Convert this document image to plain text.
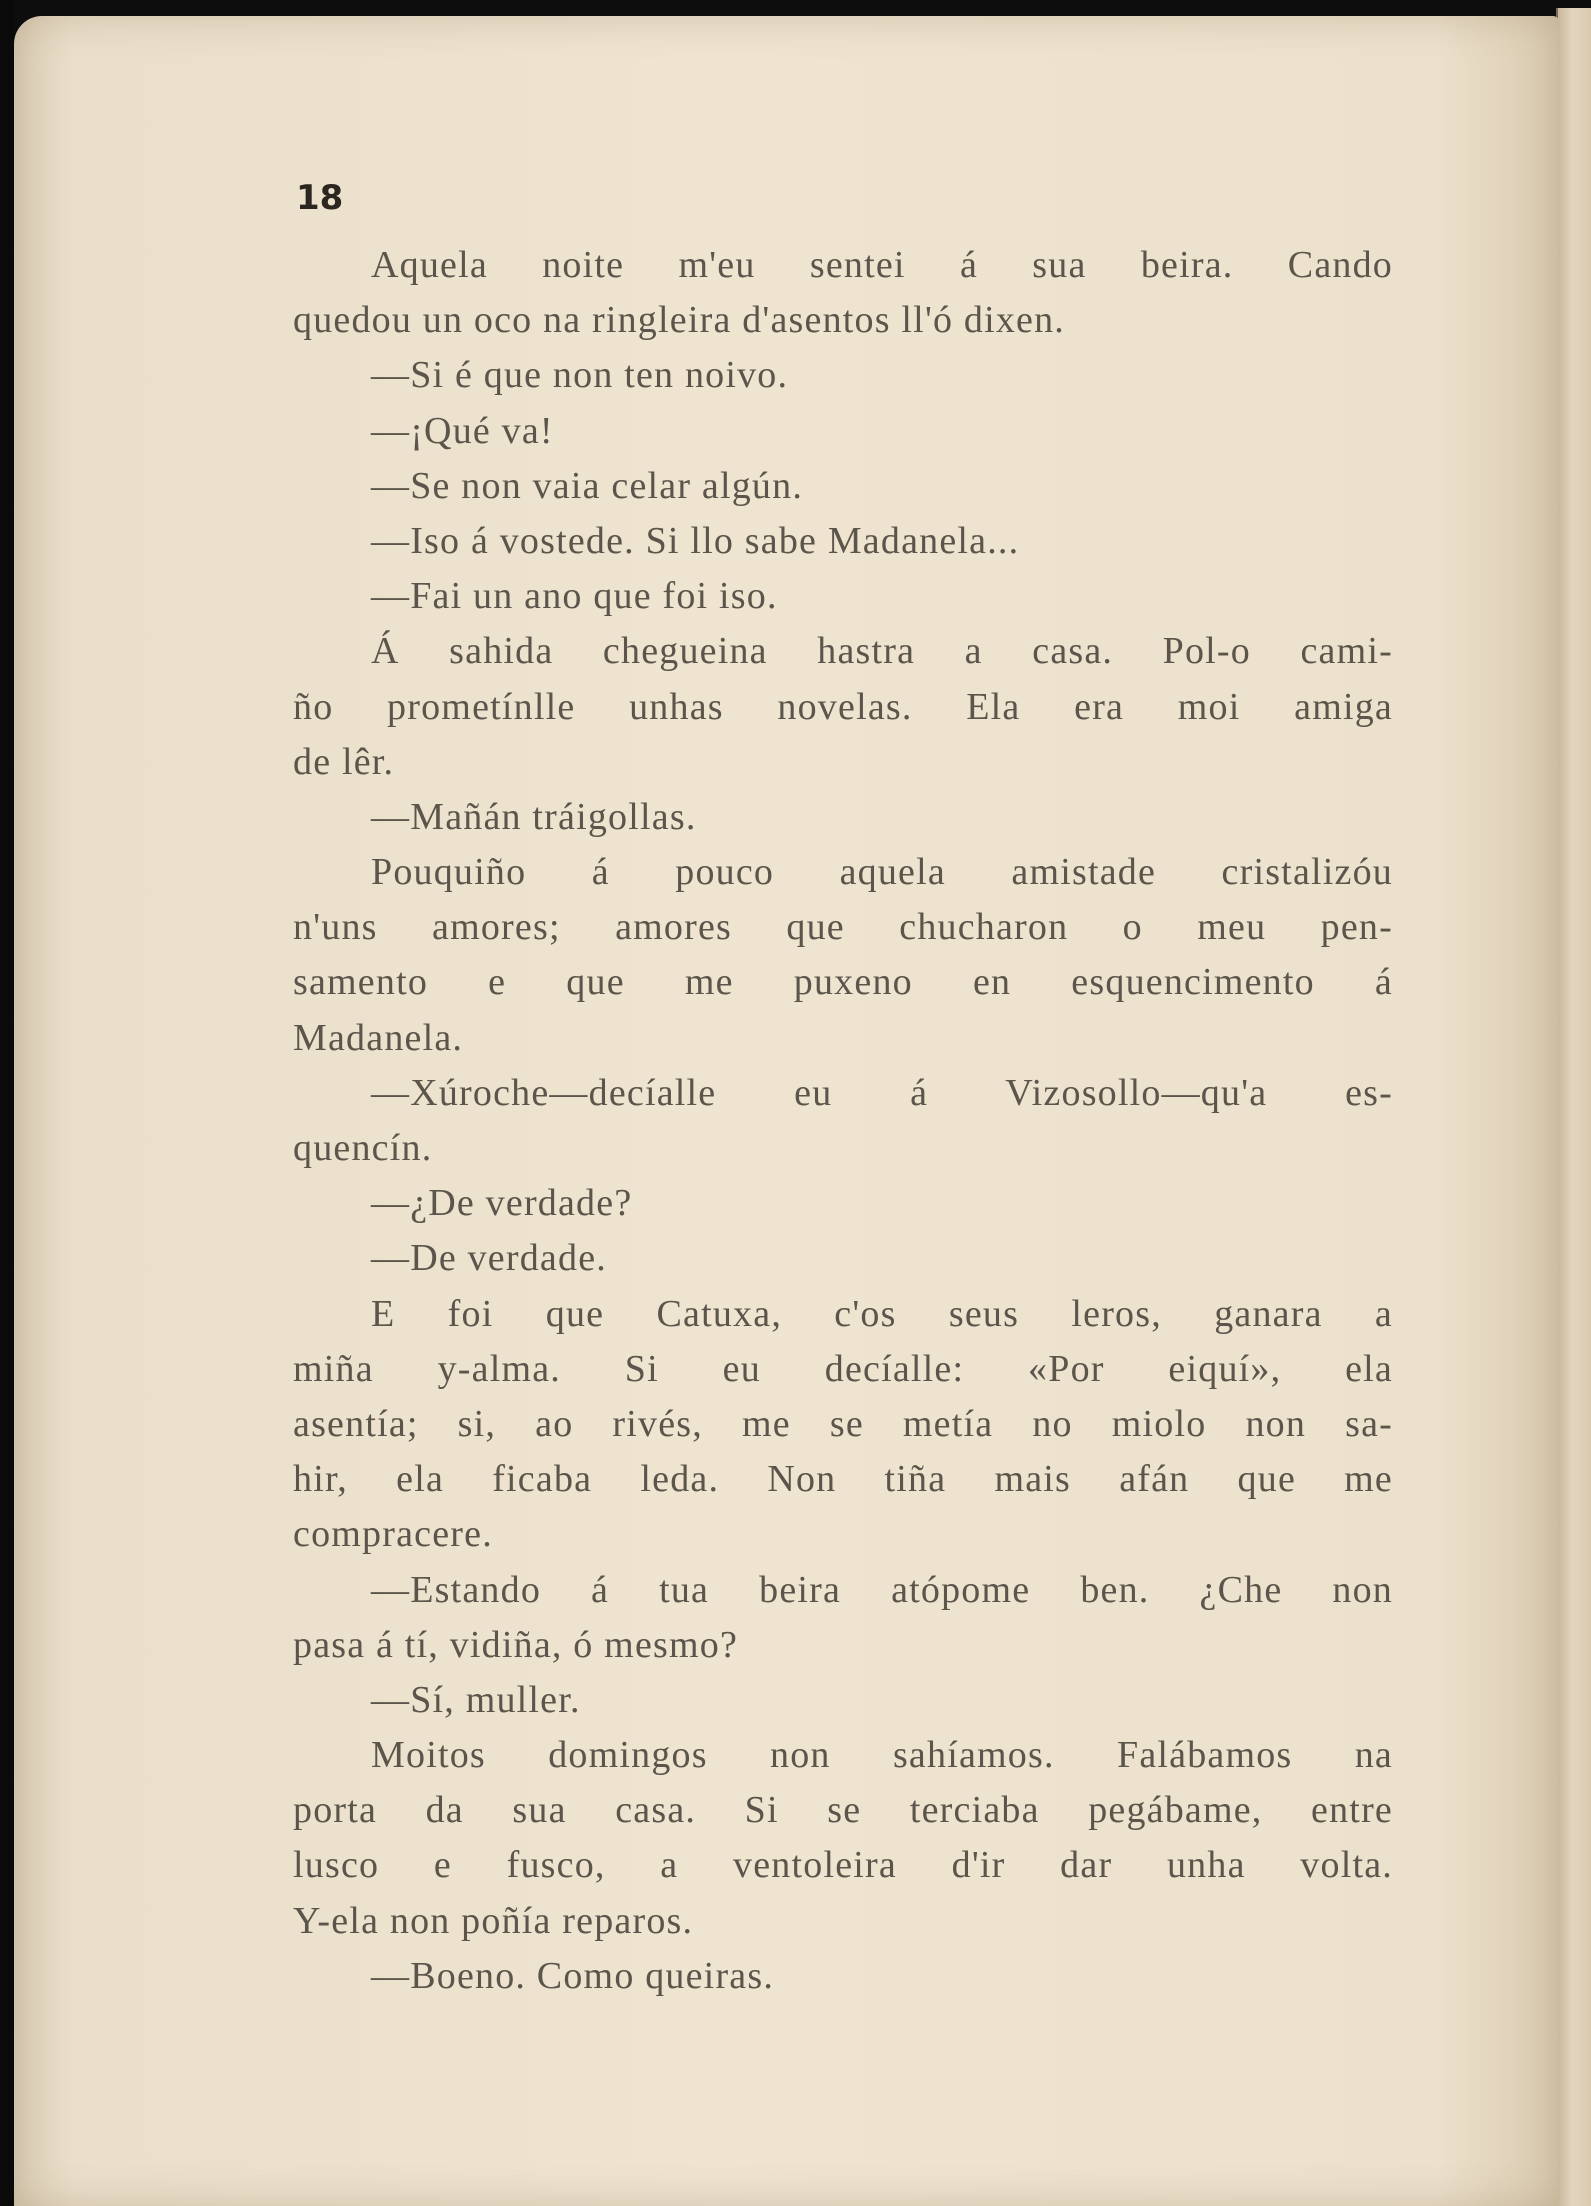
18
Aquela noite m'eu sentei á sua beira. Cando
quedou un oco na ringleira d'asentos ll'ó dixen.
—Si é que non ten noivo.
—¡Qué va!
—Se non vaia celar algún.
—Iso á vostede. Si llo sabe Madanela...
—Fai un ano que foi iso.
Á sahida chegueina hastra a casa. Pol-o cami-
ño prometínlle unhas novelas. Ela era moi amiga
de lêr.
—Mañán tráigollas.
Pouquiño á pouco aquela amistade cristalizóu
n'uns amores; amores que chucharon o meu pen-
samento e que me puxeno en esquencimento á
Madanela.
—Xúroche—decíalle eu á Vizosollo—qu'a es-
quencín.
—¿De verdade?
—De verdade.
E foi que Catuxa, c'os seus leros, ganara a
miña y-alma. Si eu decíalle: «Por eiquí», ela
asentía; si, ao rivés, me se metía no miolo non sa-
hir, ela ficaba leda. Non tiña mais afán que me
compracere.
—Estando á tua beira atópome ben. ¿Che non
pasa á tí, vidiña, ó mesmo?
—Sí, muller.
Moitos domingos non sahíamos. Falábamos na
porta da sua casa. Si se terciaba pegábame, entre
lusco e fusco, a ventoleira d'ir dar unha volta.
Y-ela non poñía reparos.
—Boeno. Como queiras.
